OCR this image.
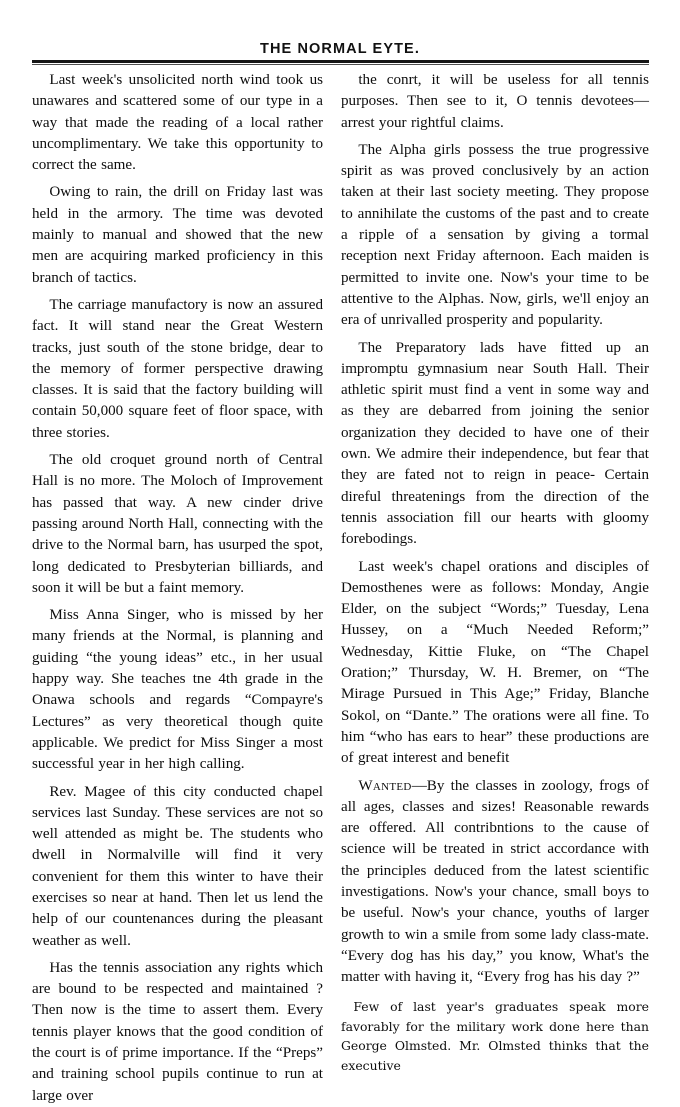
THE NORMAL EYTE.

Last week's unsolicited north wind took us unawares and scattered some of our type in a way that made the reading of a local rather uncomplimentary. We take this opportunity to correct the same.

Owing to rain, the drill on Friday last was held in the armory. The time was devoted mainly to manual and showed that the new men are acquiring marked proficiency in this branch of tactics.

The carriage manufactory is now an assured fact. It will stand near the Great Western tracks, just south of the stone bridge, dear to the memory of former perspective drawing classes. It is said that the factory building will contain 50,000 square feet of floor space, with three stories.

The old croquet ground north of Central Hall is no more. The Moloch of Improvement has passed that way. A new cinder drive passing around North Hall, connecting with the drive to the Normal barn, has usurped the spot, long dedicated to Presbyterian billiards, and soon it will be but a faint memory.

Miss Anna Singer, who is missed by her many friends at the Normal, is planning and guiding “the young ideas” etc., in her usual happy way. She teaches tne 4th grade in the Onawa schools and regards “Compayre's Lectures” as very theoretical though quite applicable. We predict for Miss Singer a most successful year in her high calling.

Rev. Magee of this city conducted chapel services last Sunday. These services are not so well attended as might be. The students who dwell in Normalville will find it very convenient for them this winter to have their exercises so near at hand. Then let us lend the help of our countenances during the pleasant weather as well.

Has the tennis association any rights which are bound to be respected and maintained ? Then now is the time to assert them. Every tennis player knows that the good condition of the court is of prime importance. If the “Preps” and training school pupils continue to run at large over

the conrt, it will be useless for all tennis purposes. Then see to it, O tennis devotees—arrest your rightful claims.

The Alpha girls possess the true progressive spirit as was proved conclusively by an action taken at their last society meeting. They propose to annihilate the customs of the past and to create a ripple of a sensation by giving a tormal reception next Friday afternoon. Each maiden is permitted to invite one. Now's your time to be attentive to the Alphas. Now, girls, we'll enjoy an era of unrivalled prosperity and popularity.

The Preparatory lads have fitted up an impromptu gymnasium near South Hall. Their athletic spirit must find a vent in some way and as they are debarred from joining the senior organization they decided to have one of their own. We admire their independence, but fear that they are fated not to reign in peace- Certain direful threatenings from the direction of the tennis association fill our hearts with gloomy forebodings.

Last week's chapel orations and disciples of Demosthenes were as follows: Monday, Angie Elder, on the subject “Words;” Tuesday, Lena Hussey, on a “Much Needed Reform;” Wednesday, Kittie Fluke, on “The Chapel Oration;” Thursday, W. H. Bremer, on “The Mirage Pursued in This Age;” Friday, Blanche Sokol, on “Dante.” The orations were all fine. To him “who has ears to hear” these productions are of great interest and benefit

Wanted—By the classes in zoology, frogs of all ages, classes and sizes! Reasonable rewards are offered. All contribntions to the cause of science will be treated in strict accordance with the principles deduced from the latest scientific investigations. Now's your chance, small boys to be useful. Now's your chance, youths of larger growth to win a smile from some lady class-mate. “Every dog has his day,” you know, What's the matter with having it, “Every frog has his day ?”

Few of last year's graduates speak more favorably for the military work done here than George Olmsted. Mr. Olmsted thinks that the executive
